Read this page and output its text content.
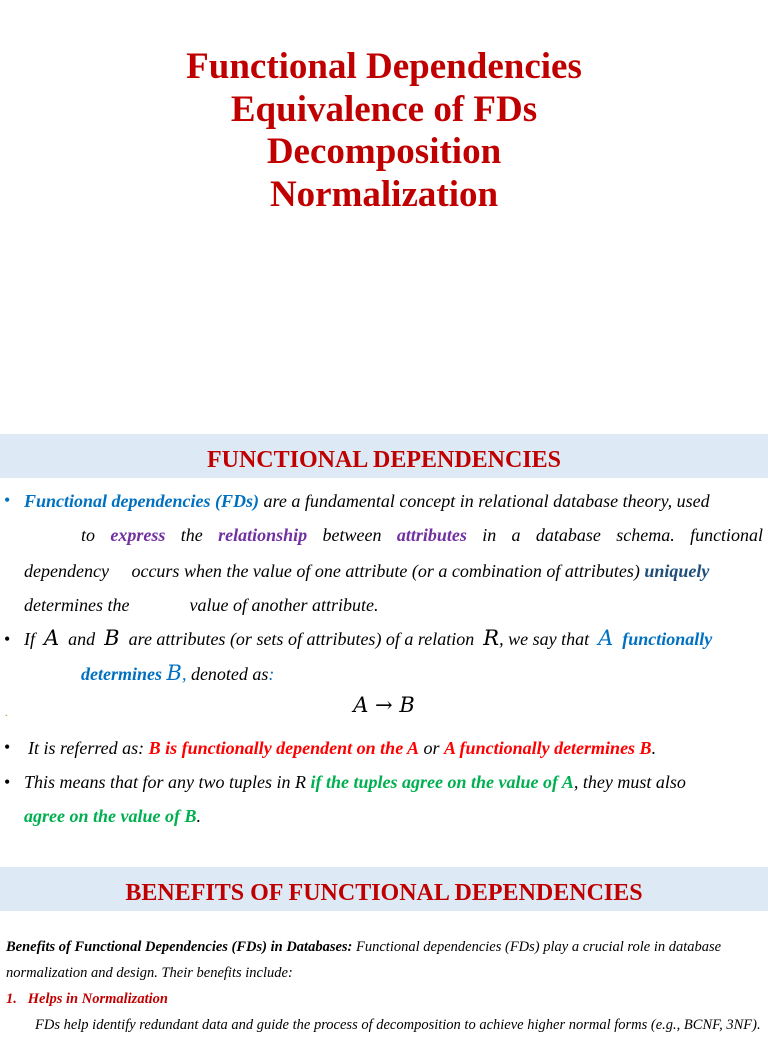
Functional Dependencies
Equivalence of FDs
Decomposition
Normalization
FUNCTIONAL DEPENDENCIES
• Functional dependencies (FDs) are a fundamental concept in relational database theory, used
to express the relationship between attributes in a database schema. functional
dependency occurs when the value of one attribute (or a combination of attributes) uniquely
determines the	value of another attribute.
• If A and B are attributes (or sets of attributes) of a relation R, we say that A functionally
determines B, denoted as:
.	A → B
• It is referred as: B is functionally dependent on the A or A functionally determines B.
• This means that for any two tuples in R if the tuples agree on the value of A, they must also
agree on the value of B.
BENEFITS OF FUNCTIONAL DEPENDENCIES
Benefits of Functional Dependencies (FDs) in Databases: Functional dependencies (FDs) play a crucial role in database
normalization and design. Their benefits include:
1. Helps in Normalization
FDs help identify redundant data and guide the process of decomposition to achieve higher normal forms (e.g., BCNF, 3NF).
